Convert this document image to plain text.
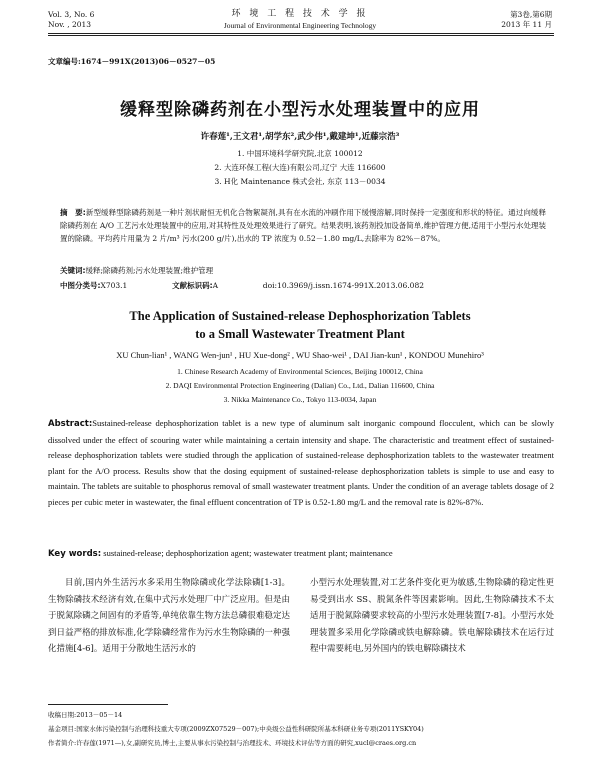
Vol. 3, No. 6
Nov. , 2013
环 境 工 程 技 术 学 报
Journal of Environmental Engineering Technology
第3卷,第6期
2013 年 11 月
文章编号:1674－991X(2013)06－0527－05
缓释型除磷药剂在小型污水处理装置中的应用
许春莲¹,王文君¹,胡学东²,武少伟¹,戴建坤¹,近藤宗浩³
1. 中国环境科学研究院,北京 100012
2. 大连环保工程(大连)有限公司,辽宁 大连 116600
3. H化 Maintenance 株式会社, 东京 113－0034
摘　要:新型缓释型除磷药剂是一种片剂状耐恒无机化合物絮凝剂,具有在水流的冲刷作用下缓慢溶解,同时保持一定强度和形状的特征。通过向缓释除磷药剂在 A/O 工艺污水处理装置中的应用,对其特性及处理效果进行了研究。结果表明,该药剂投加设备简单,维护管理方便,适用于小型污水处理装置的除磷。平均药片用量为 2 片/m³ 污水(200 g/片),出水的 TP 浓度为 0.52－1.80 mg/L,去除率为 82%－87%。
关键词:缓释;除磷药剂;污水处理装置;维护管理
中图分类号:X703.1	文献标识码:A	doi:10.3969/j.issn.1674-991X.2013.06.082
The Application of Sustained-release Dephosphorization Tablets
to a Small Wastewater Treatment Plant
XU Chun-lian¹ , WANG Wen-jun¹ , HU Xue-dong² , WU Shao-wei¹ , DAI Jian-kun¹ , KONDOU Munehiro³
1. Chinese Research Academy of Environmental Sciences, Beijing 100012, China
2. DAQI Environmental Protection Engineering (Dalian) Co., Ltd., Dalian 116600, China
3. Nikka Maintenance Co., Tokyo 113-0034, Japan
Abstract:Sustained-release dephosphorization tablet is a new type of aluminum salt inorganic compound flocculent, which can be slowly dissolved under the effect of scouring water while maintaining a certain intensity and shape. The characteristic and treatment effect of sustained-release dephosphorization tablets were studied through the application of sustained-release dephosphorization tablets to the wastewater treatment plant for the A/O process. Results show that the dosing equipment of sustained-release dephosphorization tablets is simple to use and easy to maintain. The tablets are suitable to phosphorus removal of small wastewater treatment plants. Under the condition of an average tablets dosage of 2 pieces per cubic meter in wastewater, the final effluent concentration of TP is 0.52-1.80 mg/L and the removal rate is 82%-87%.
Key words: sustained-release; dephosphorization agent; wastewater treatment plant; maintenance
目前,国内外生活污水多采用生物除磷或化学法除磷[1-3]。生物除磷技术经济有效,在集中式污水处理厂中广泛应用。但是由于脱氮除磷之间固有的矛盾等,单纯依靠生物方法总磷很难稳定达到日益严格的排放标准,化学除磷经常作为污水生物除磷的一种强化措施[4-6]。适用于分散地生活污水的
小型污水处理装置,对工艺条件变化更为敏感,生物除磷的稳定性更易受到出水 SS、脱氮条件等因素影响。因此,生物除磷技术不太适用于脱氮除磷要求较高的小型污水处理装置[7-8]。小型污水处理装置多采用化学除磷或铁电解除磷。铁电解除磷技术在运行过程中需要耗电,另外国内的铁电解除磷技术
收稿日期:2013－05－14
基金项目:国家水体污染控制与治理科技重大专项(2009ZX07529－007);中央级公益性科研院所基本科研业务专项(2011YSKY04)
作者简介:许春莲(1971—),女,副研究员,博士,主要从事水污染控制与治理技术、环境技术评估等方面的研究,xucl@craes.org.cn
